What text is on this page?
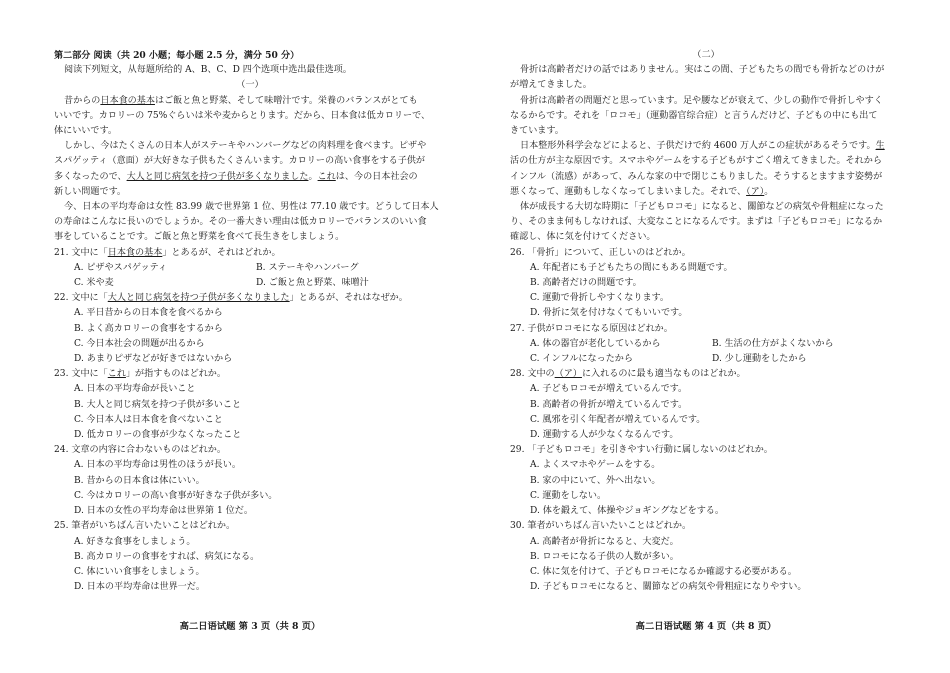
第二部分 阅读（共 20 小题；每小题 2.5 分，满分 50 分）
阅读下列短文，从每题所给的 A、B、C、D 四个选项中选出最佳选项。
（一）
昔からの日本食の基本はご飯と魚と野菜、そして味噌汁です。栄養のバランスがとても
いいです。カロリーの 75%ぐらいは米や麦からとります。だから、日本食は低カロリーで、
体にいいです。
しかし、今はたくさんの日本人がステーキやハンバーグなどの肉料理を食べます。ピザや
スパゲッティ（意面）が大好きな子供もたくさんいます。カロリーの高い食事をする子供が
多くなったので、大人と同じ病気を持つ子供が多くなりました。これは、今の日本社会の
新しい問題です。
今、日本の平均寿命は女性 83.99 歳で世界第 1 位、男性は 77.10 歳です。どうして日本人
の寿命はこんなに長いのでしょうか。その一番大きい理由は低カロリーでバランスのいい食
事をしていることです。ご飯と魚と野菜を食べて長生きをしましょう。
21. 文中に「日本食の基本」とあるが、それはどれか。
A. ピザやスパゲッティ	B. ステーキやハンバーグ
C. 米や麦	D. ご飯と魚と野菜、味噌汁
22. 文中に「大人と同じ病気を持つ子供が多くなりました」とあるが、それはなぜか。
A. 平日昔からの日本食を食べるから
B. よく高カロリーの食事をするから
C. 今日本社会の問題が出るから
D. あまりピザなどが好きではないから
23. 文中に「これ」が指すものはどれか。
A. 日本の平均寿命が長いこと
B. 大人と同じ病気を持つ子供が多いこと
C. 今日本人は日本食を食べないこと
D. 低カロリーの食事が少なくなったこと
24. 文章の内容に合わないものはどれか。
A. 日本の平均寿命は男性のほうが長い。
B. 昔からの日本食は体にいい。
C. 今はカロリーの高い食事が好きな子供が多い。
D. 日本の女性の平均寿命は世界第 1 位だ。
25. 筆者がいちばん言いたいことはどれか。
A. 好きな食事をしましょう。
B. 高カロリーの食事をすれば、病気になる。
C. 体にいい食事をしましょう。
D. 日本の平均寿命は世界一だ。
（二）
骨折は高齢者だけの話ではありません。実はこの間、子どもたちの間でも骨折などのけが
が増えてきました。
骨折は高齢者の問題だと思っています。足や腰などが衰えて、少しの動作で骨折しやすく
なるからです。それを「ロコモ」（運動器官综合症）と言うんだけど、子どもの中にも出て
きています。
日本整形外科学会などによると、子供だけで約 4600 万人がこの症状があるそうです。生
活の仕方が主な原因です。スマホやゲームをする子どもがすごく増えてきました。それから
インフル（流感）があって、みんな家の中で閉じこもりました。そうするとますます姿勢が
悪くなって、運動もしなくなってしまいました。それで、（ア）。
体が成長する大切な時期に「子どもロコモ」になると、關節などの病気や骨粗症になった
り、そのまま何もしなければ、大変なことになるんです。まずは「子どもロコモ」になるか
確認し、体に気を付けてください。
26. 「骨折」について、正しいのはどれか。
A. 年配者にも子どもたちの間にもある問題です。
B. 高齢者だけの問題です。
C. 運動で骨折しやすくなります。
D. 骨折に気を付けなくてもいいです。
27. 子供がロコモになる原因はどれか。
A. 体の器官が老化しているから	B. 生活の仕方がよくないから
C. インフルになったから	D. 少し運動をしたから
28. 文中の（ア）に入れるのに最も適当なものはどれか。
A. 子どもロコモが増えているんです。
B. 高齢者の骨折が増えているんです。
C. 風邪を引く年配者が増えているんです。
D. 運動する人が少なくなるんです。
29. 「子どもロコモ」を引きやすい行動に属しないのはどれか。
A. よくスマホやゲームをする。
B. 家の中にいて、外へ出ない。
C. 運動をしない。
D. 体を鍛えて、体操やジョギングなどをする。
30. 筆者がいちばん言いたいことはどれか。
A. 高齢者が骨折になると、大変だ。
B. ロコモになる子供の人数が多い。
C. 体に気を付けて、子どもロコモになるか確認する必要がある。
D. 子どもロコモになると、關節などの病気や骨粗症になりやすい。
高二日语试题 第 3 页（共 8 页）	高二日语试题 第 4 页（共 8 页）
